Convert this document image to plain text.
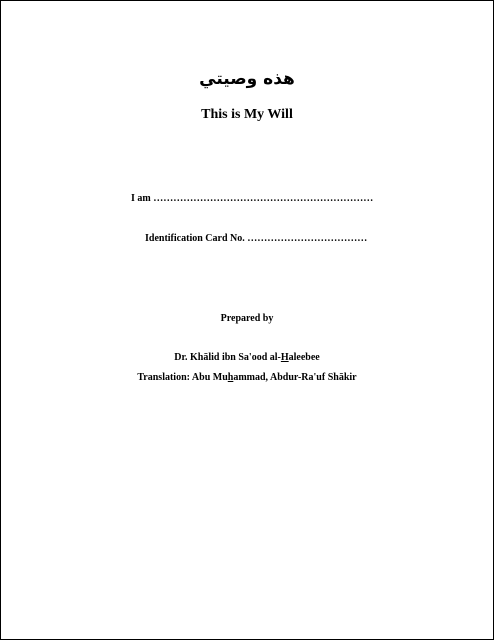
هذه وصيتي
This is My Will
I am …………………………………………………………
Identification Card No. ………………………………
Prepared by
Dr. Khālid ibn Sa'ood al-Haleebee
Translation: Abu Muhammad, Abdur-Ra'uf Shākir
